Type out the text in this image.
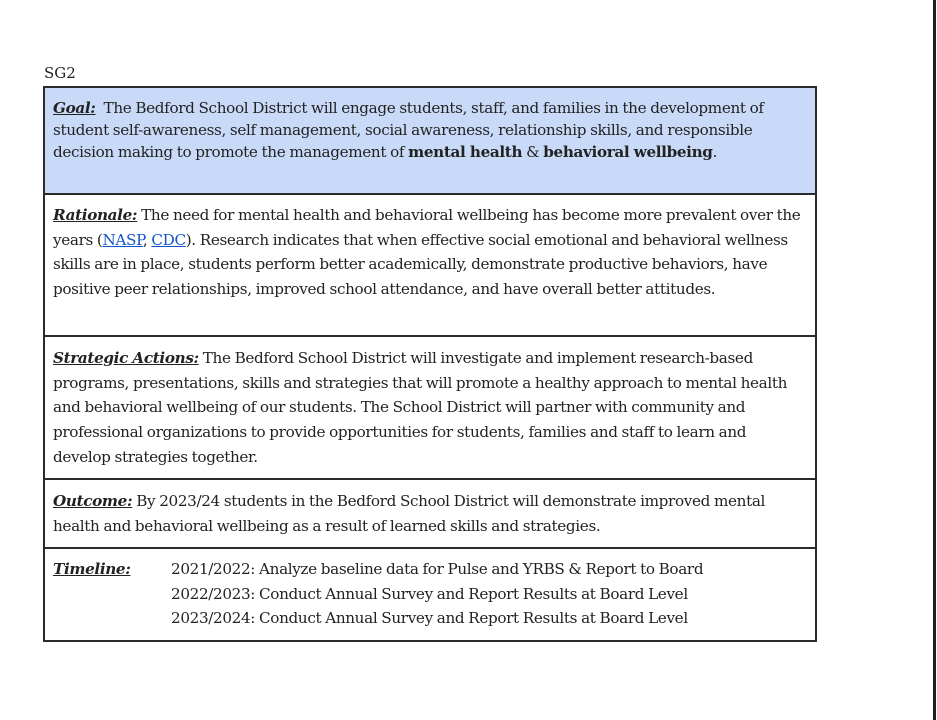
SG2
Goal:  The Bedford School District will engage students, staff, and families in the development of student self-awareness, self management, social awareness, relationship skills, and responsible decision making to promote the management of mental health & behavioral wellbeing.
Rationale: The need for mental health and behavioral wellbeing has become more prevalent over the years (NASP, CDC). Research indicates that when effective social emotional and behavioral wellness skills are in place, students perform better academically, demonstrate productive behaviors, have positive peer relationships, improved school attendance, and have overall better attitudes.
Strategic Actions: The Bedford School District will investigate and implement research-based programs, presentations, skills and strategies that will promote a healthy approach to mental health and behavioral wellbeing of our students. The School District will partner with community and professional organizations to provide opportunities for students, families and staff to learn and develop strategies together.
Outcome: By 2023/24 students in the Bedford School District will demonstrate improved mental health and behavioral wellbeing as a result of learned skills and strategies.
Timeline:	2021/2022: Analyze baseline data for Pulse and YRBS & Report to Board
2022/2023: Conduct Annual Survey and Report Results at Board Level
2023/2024: Conduct Annual Survey and Report Results at Board Level
